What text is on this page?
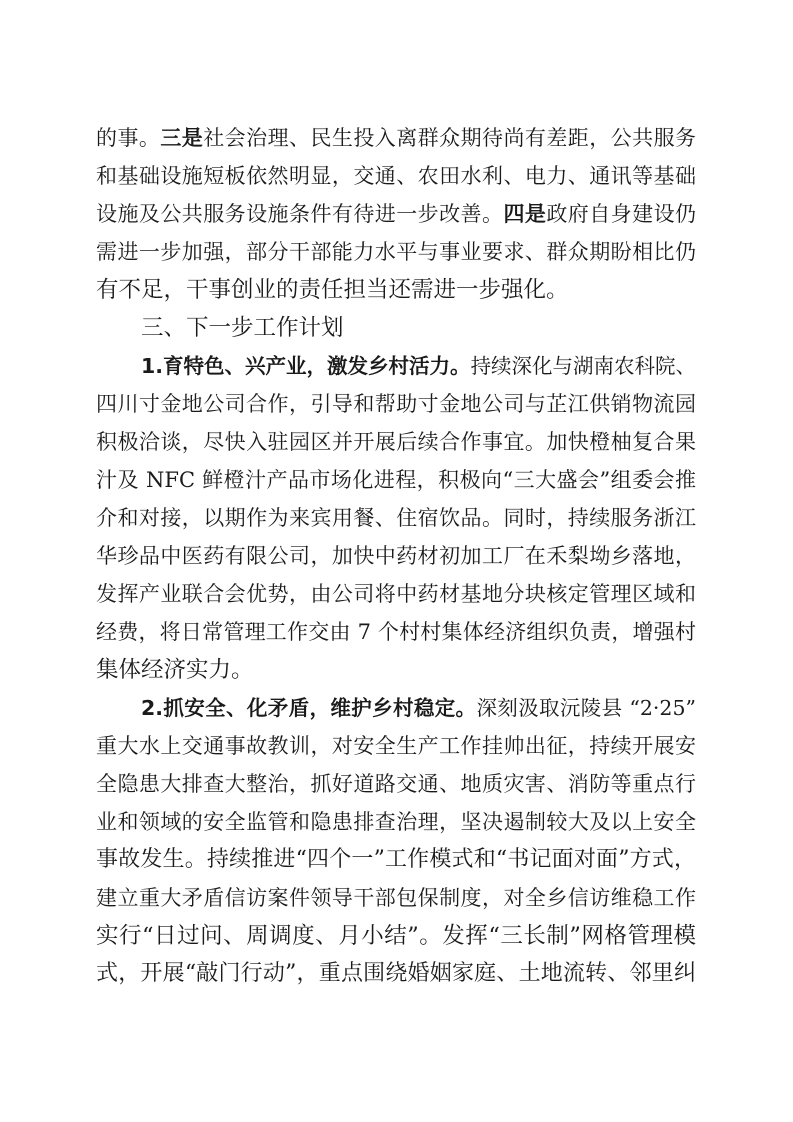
的事。三是社会治理、民生投入离群众期待尚有差距，公共服务
和基础设施短板依然明显，交通、农田水利、电力、通讯等基础
设施及公共服务设施条件有待进一步改善。四是政府自身建设仍
需进一步加强，部分干部能力水平与事业要求、群众期盼相比仍
有不足，干事创业的责任担当还需进一步强化。
三、下一步工作计划
1.育特色、兴产业，激发乡村活力。持续深化与湖南农科院、
四川寸金地公司合作，引导和帮助寸金地公司与芷江供销物流园
积极洽谈，尽快入驻园区并开展后续合作事宜。加快橙柚复合果
汁及 NFC 鲜橙汁产品市场化进程，积极向“三大盛会”组委会推
介和对接，以期作为来宾用餐、住宿饮品。同时，持续服务浙江
华珍品中医药有限公司，加快中药材初加工厂在禾梨坳乡落地，
发挥产业联合会优势，由公司将中药材基地分块核定管理区域和
经费，将日常管理工作交由 7 个村村集体经济组织负责，增强村
集体经济实力。
2.抓安全、化矛盾，维护乡村稳定。深刻汲取沅陵县 “2·25”
重大水上交通事故教训，对安全生产工作挂帅出征，持续开展安
全隐患大排查大整治，抓好道路交通、地质灾害、消防等重点行
业和领域的安全监管和隐患排查治理，坚决遏制较大及以上安全
事故发生。持续推进“四个一”工作模式和“书记面对面”方式，
建立重大矛盾信访案件领导干部包保制度，对全乡信访维稳工作
实行“日过问、周调度、月小结”。发挥“三长制”网格管理模
式，开展“敲门行动”，重点围绕婚姻家庭、土地流转、邻里纠
